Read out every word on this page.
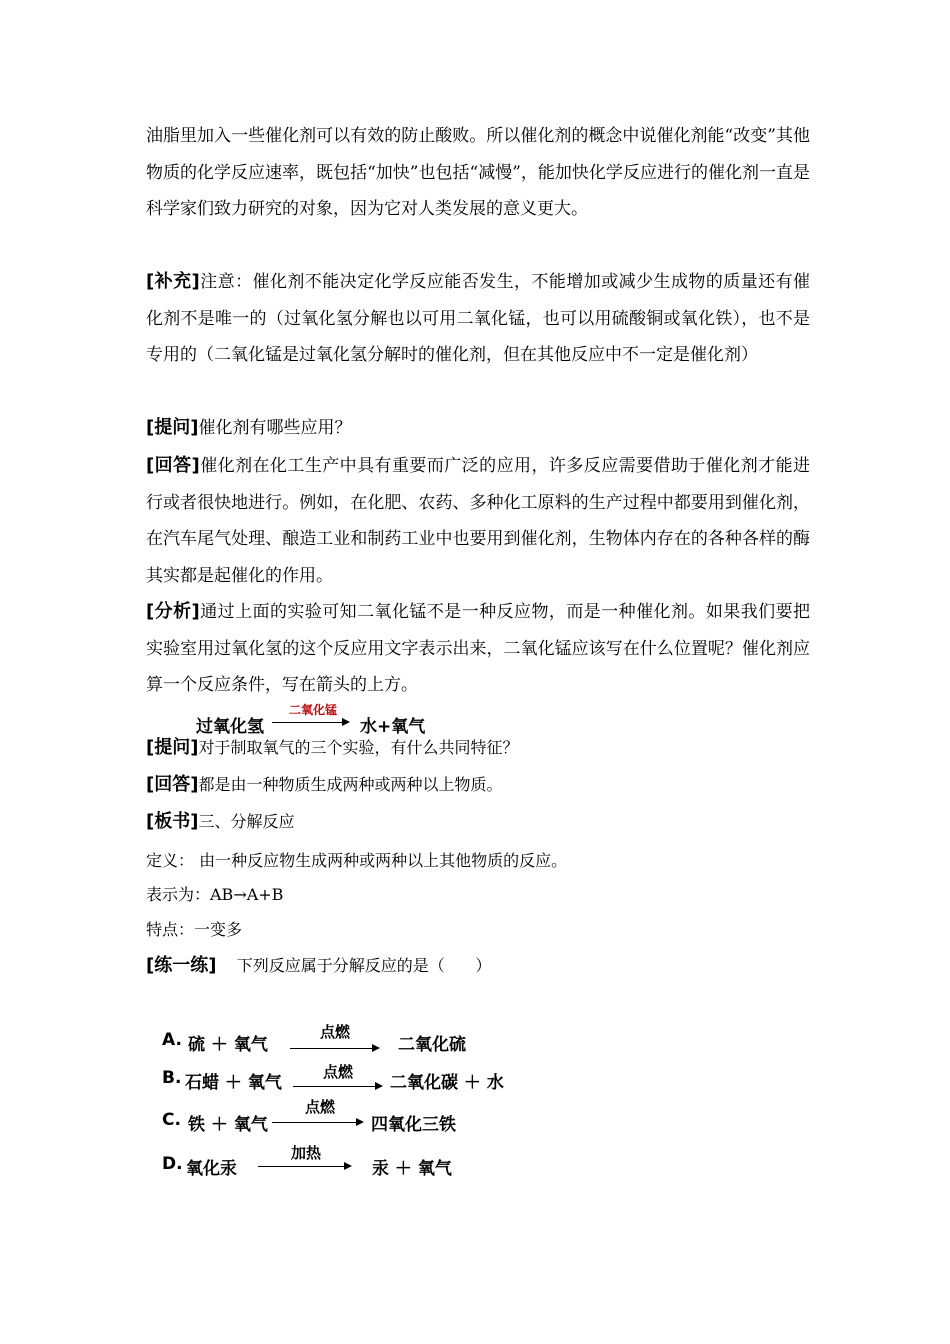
油脂里加入一些催化剂可以有效的防止酸败。所以催化剂的概念中说催化剂能“改变”其他物质的化学反应速率，既包括“加快”也包括“减慢”，能加快化学反应进行的催化剂一直是科学家们致力研究的对象，因为它对人类发展的意义更大。

[补充]注意：催化剂不能决定化学反应能否发生，不能增加或减少生成物的质量还有催化剂不是唯一的（过氧化氢分解也以可用二氧化锰，也可以用硫酸铜或氧化铁），也不是专用的（二氧化锰是过氧化氢分解时的催化剂，但在其他反应中不一定是催化剂）

[提问]催化剂有哪些应用？

[回答]催化剂在化工生产中具有重要而广泛的应用，许多反应需要借助于催化剂才能进行或者很快地进行。例如，在化肥、农药、多种化工原料的生产过程中都要用到催化剂，在汽车尾气处理、酿造工业和制药工业中也要用到催化剂，生物体内存在的各种各样的酶其实都是起催化的作用。

[分析]通过上面的实验可知二氧化锰不是一种反应物，而是一种催化剂。如果我们要把实验室用过氧化氢的这个反应用文字表示出来，二氧化锰应该写在什么位置呢？催化剂应算一个反应条件，写在箭头的上方。

过氧化氢
二氧化锰
水+氧气
[提问]对于制取氧气的三个实验，有什么共同特征？
[回答]都是由一种物质生成两种或两种以上物质。
[板书]三、分解反应
定义： 由一种反应物生成两种或两种以上其他物质的反应。
表示为：AB→A+B
特点：一变多
[练一练]    下列反应属于分解反应的是（      ）
A. 硫 ＋ 氧气
点燃
二氧化硫
B. 石蜡 ＋ 氧气
点燃
二氧化碳 ＋ 水
C. 铁 ＋ 氧气
点燃
四氧化三铁
D. 氧化汞
加热
汞 ＋ 氧气
